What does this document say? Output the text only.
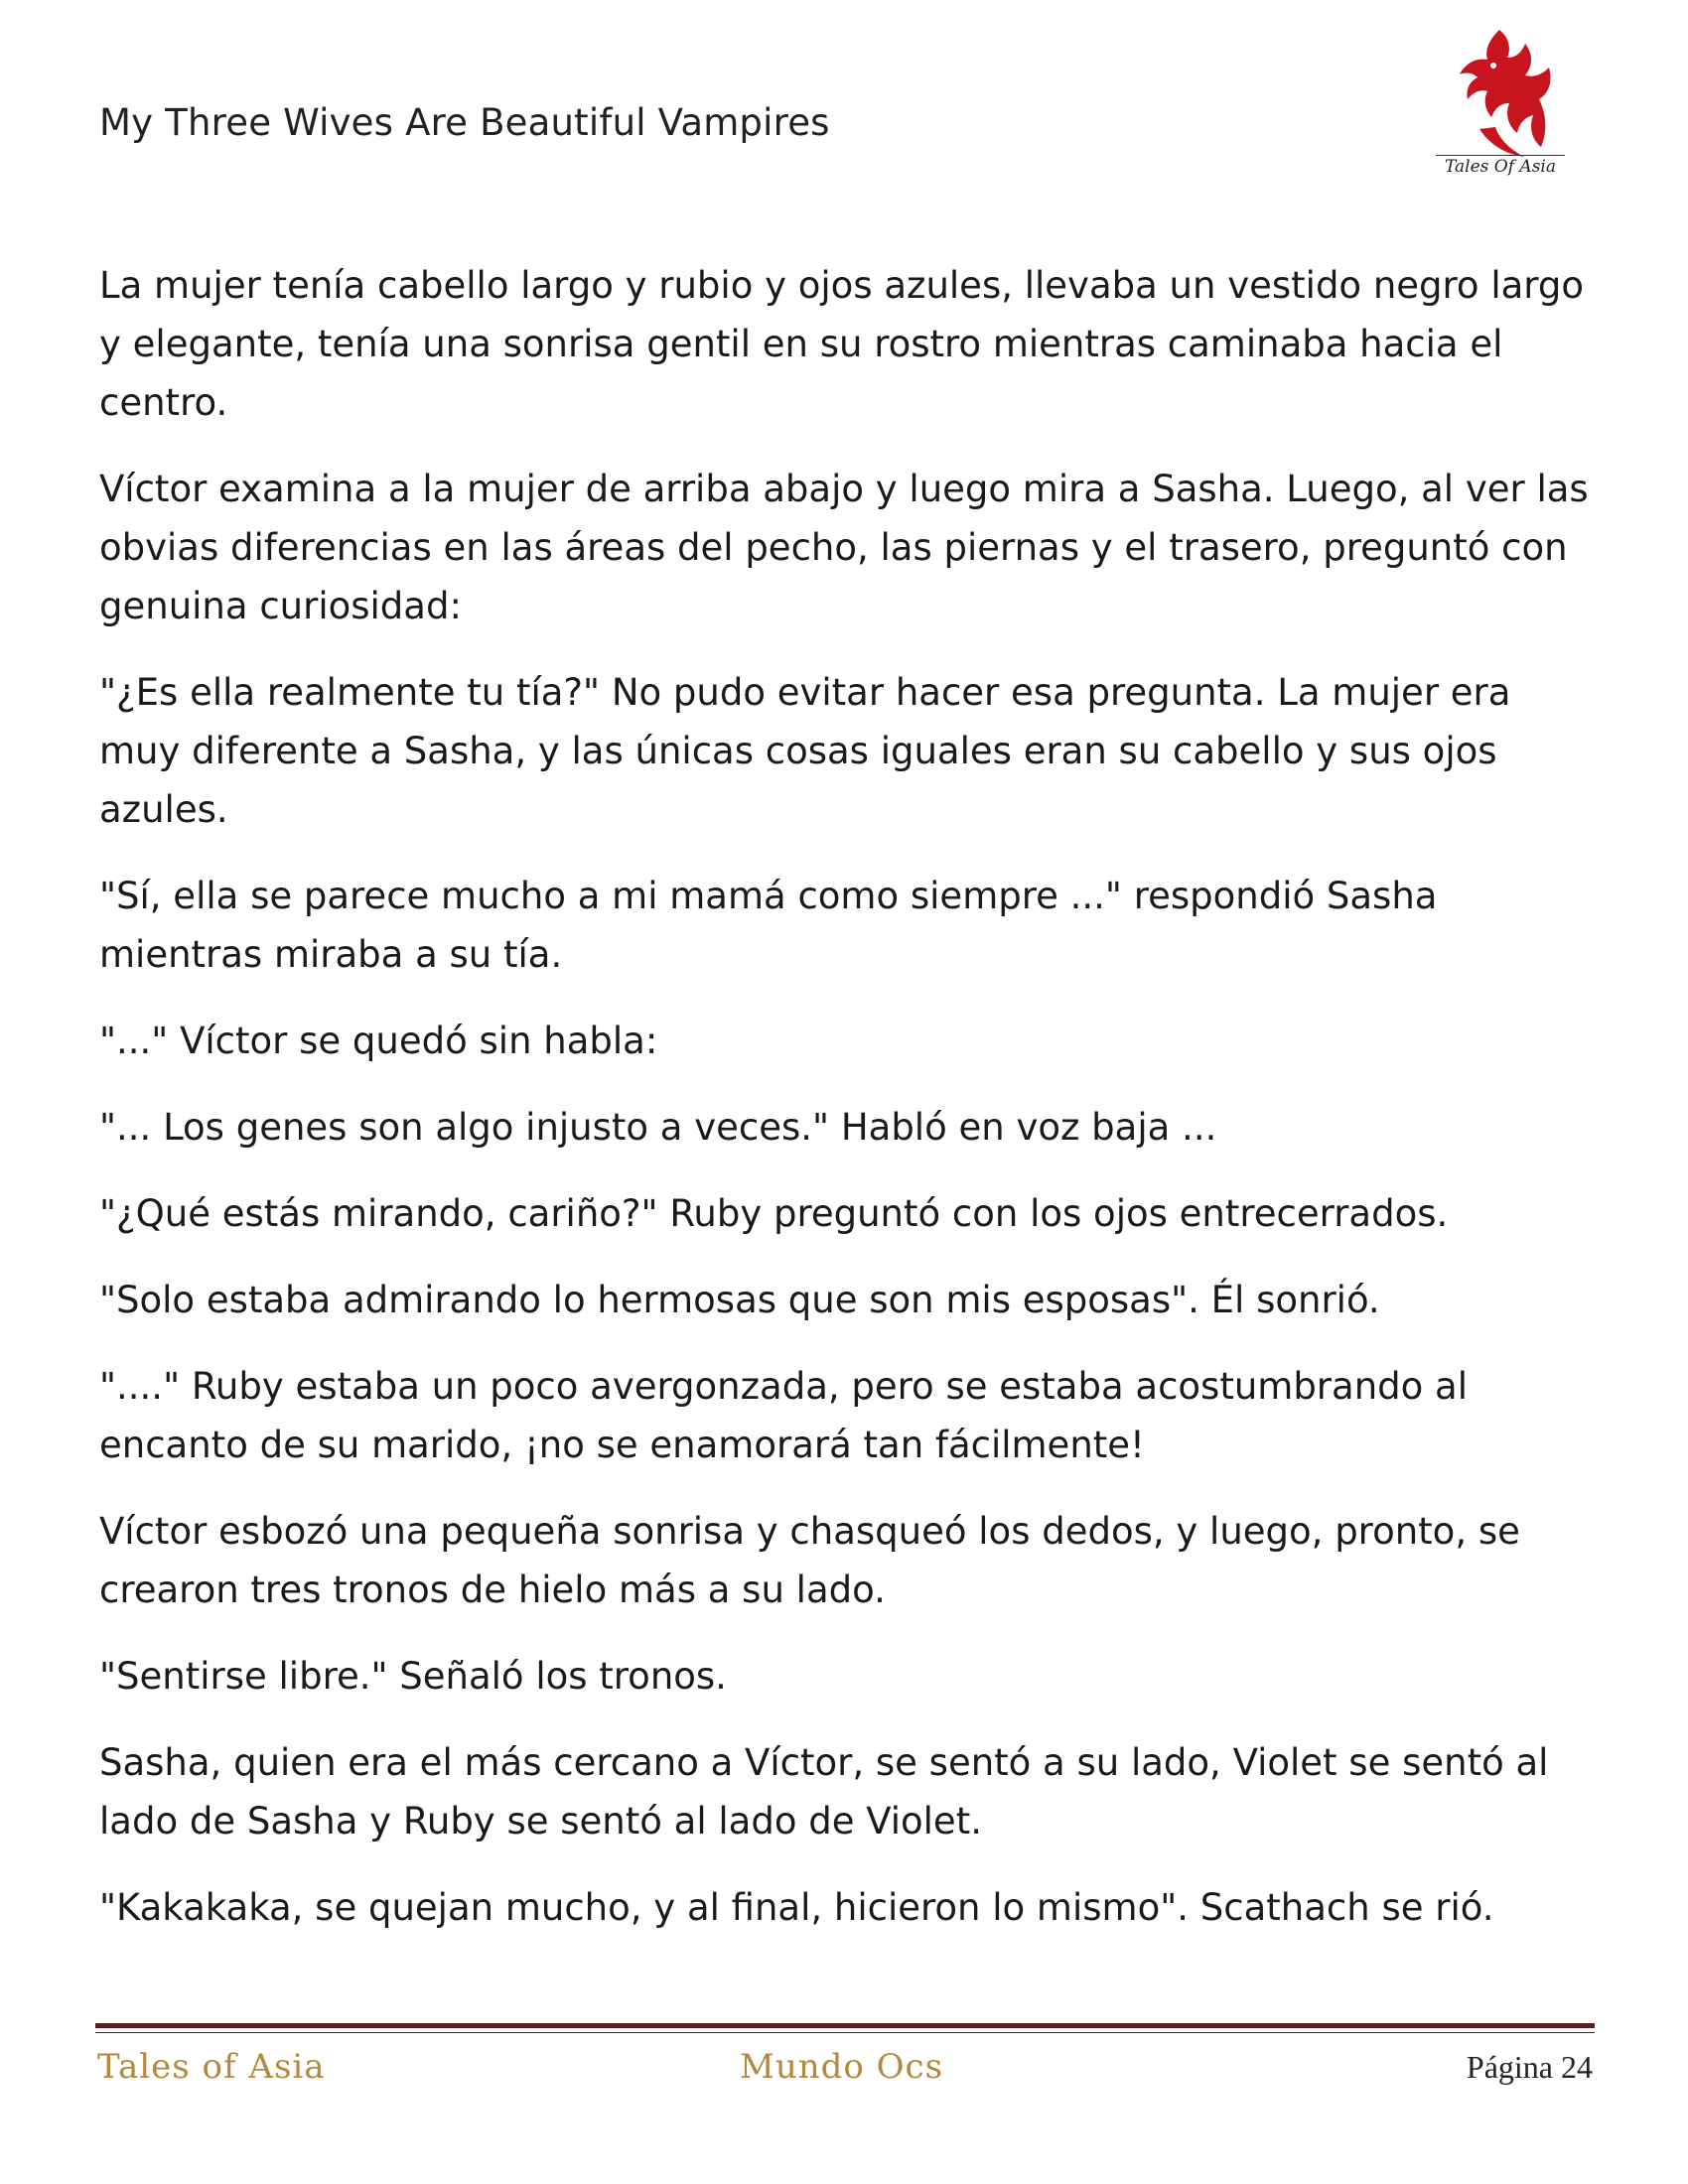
My Three Wives Are Beautiful Vampires
Tales Of Asia

La mujer tenía cabello largo y rubio y ojos azules, llevaba un vestido negro largo y elegante, tenía una sonrisa gentil en su rostro mientras caminaba hacia el centro.

Víctor examina a la mujer de arriba abajo y luego mira a Sasha. Luego, al ver las obvias diferencias en las áreas del pecho, las piernas y el trasero, preguntó con genuina curiosidad:

"¿Es ella realmente tu tía?" No pudo evitar hacer esa pregunta. La mujer era muy diferente a Sasha, y las únicas cosas iguales eran su cabello y sus ojos azules.

"Sí, ella se parece mucho a mi mamá como siempre ..." respondió Sasha mientras miraba a su tía.

"..." Víctor se quedó sin habla:

"... Los genes son algo injusto a veces." Habló en voz baja ...

"¿Qué estás mirando, cariño?" Ruby preguntó con los ojos entrecerrados.

"Solo estaba admirando lo hermosas que son mis esposas". Él sonrió.

"...." Ruby estaba un poco avergonzada, pero se estaba acostumbrando al encanto de su marido, ¡no se enamorará tan fácilmente!

Víctor esbozó una pequeña sonrisa y chasqueó los dedos, y luego, pronto, se crearon tres tronos de hielo más a su lado.

"Sentirse libre." Señaló los tronos.

Sasha, quien era el más cercano a Víctor, se sentó a su lado, Violet se sentó al lado de Sasha y Ruby se sentó al lado de Violet.

"Kakakaka, se quejan mucho, y al final, hicieron lo mismo". Scathach se rió.

Tales of Asia	Mundo Ocs	Página 24
